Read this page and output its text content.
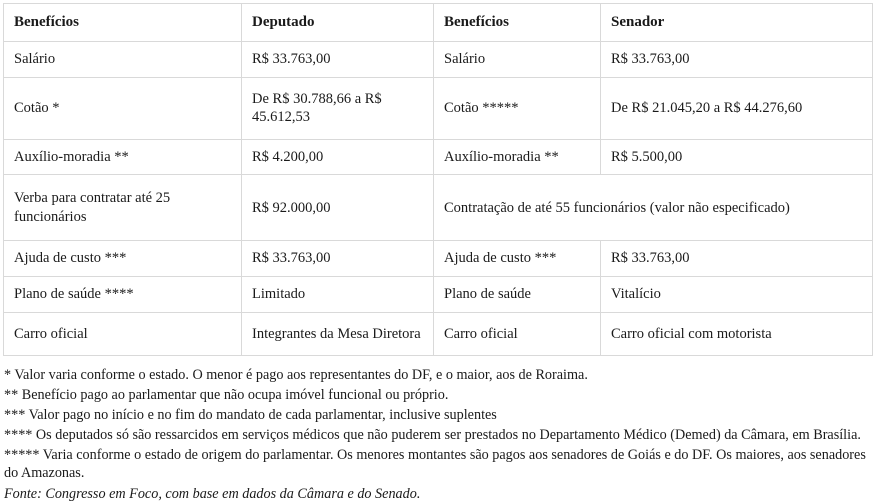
Benefícios	Deputado	Benefícios	Senador
Salário	R$ 33.763,00	Salário	R$ 33.763,00
Cotão *	De R$ 30.788,66 a R$ 45.612,53	Cotão *****	De R$ 21.045,20 a R$ 44.276,60
Auxílio-moradia **	R$ 4.200,00	Auxílio-moradia **	R$ 5.500,00
Verba para contratar até 25 funcionários	R$ 92.000,00	Contratação de até 55 funcionários (valor não especificado)	
Ajuda de custo ***	R$ 33.763,00	Ajuda de custo ***	R$ 33.763,00
Plano de saúde ****	Limitado	Plano de saúde	Vitalício
Carro oficial	Integrantes da Mesa Diretora	Carro oficial	Carro oficial com motorista

* Valor varia conforme o estado. O menor é pago aos representantes do DF, e o maior, aos de Roraima.

** Benefício pago ao parlamentar que não ocupa imóvel funcional ou próprio.

*** Valor pago no início e no fim do mandato de cada parlamentar, inclusive suplentes

**** Os deputados só são ressarcidos em serviços médicos que não puderem ser prestados no Departamento Médico (Demed) da Câmara, em Brasília.

***** Varia conforme o estado de origem do parlamentar. Os menores montantes são pagos aos senadores de Goiás e do DF. Os maiores, aos senadores do Amazonas.

Fonte: Congresso em Foco, com base em dados da Câmara e do Senado.
